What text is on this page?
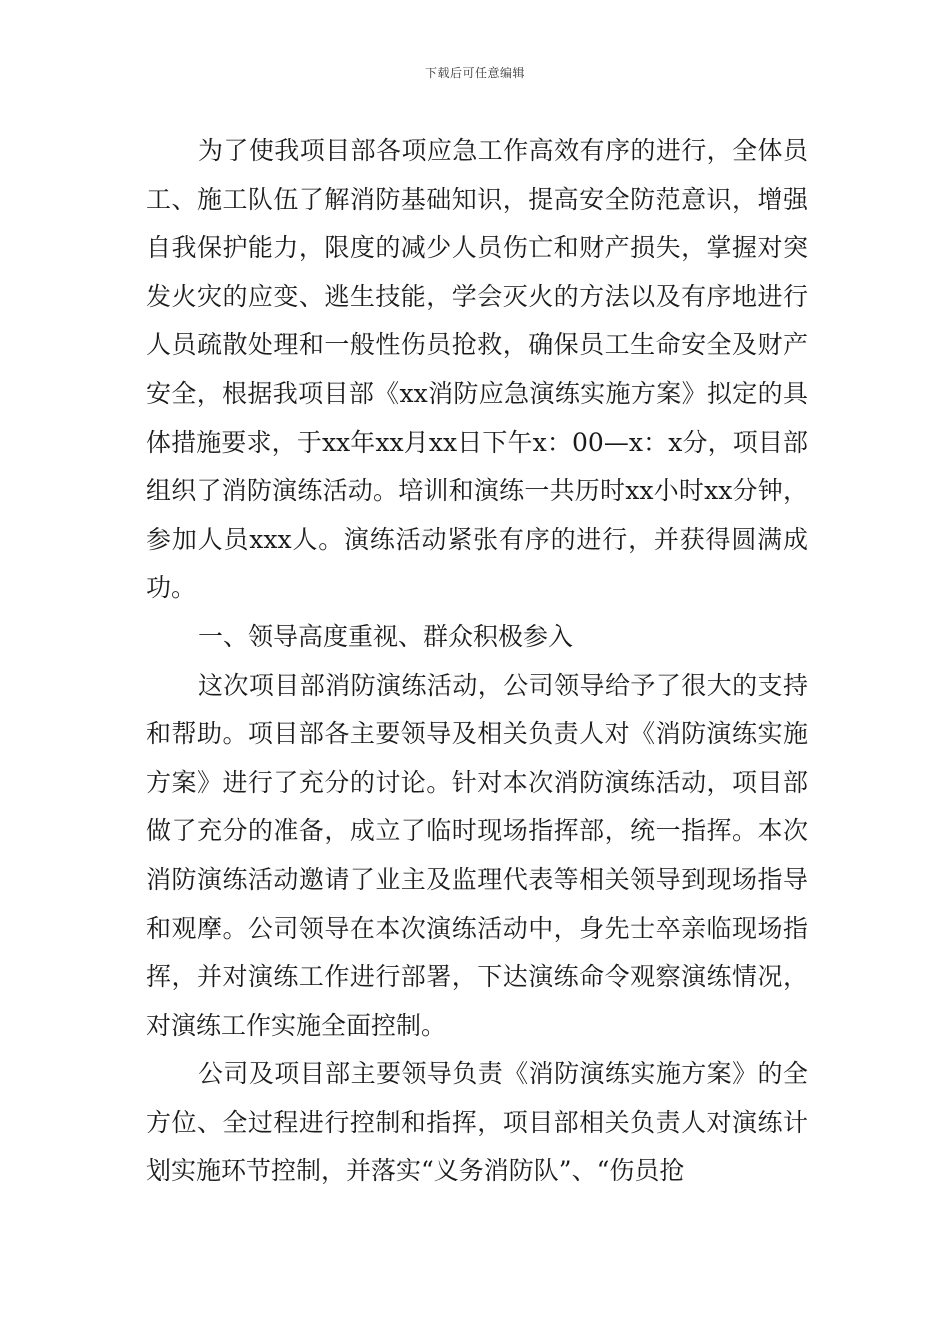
下载后可任意编辑

为了使我项目部各项应急工作高效有序的进行，全体员工、施工队伍了解消防基础知识，提高安全防范意识，增强自我保护能力，限度的减少人员伤亡和财产损失，掌握对突发火灾的应变、逃生技能，学会灭火的方法以及有序地进行人员疏散处理和一般性伤员抢救，确保员工生命安全及财产安全，根据我项目部《xx消防应急演练实施方案》拟定的具体措施要求，于xx年xx月xx日下午x：00—x：x分，项目部组织了消防演练活动。培训和演练一共历时xx小时xx分钟，参加人员xxx人。演练活动紧张有序的进行，并获得圆满成功。

一、领导高度重视、群众积极参入

这次项目部消防演练活动，公司领导给予了很大的支持和帮助。项目部各主要领导及相关负责人对《消防演练实施方案》进行了充分的讨论。针对本次消防演练活动，项目部做了充分的准备，成立了临时现场指挥部，统一指挥。本次消防演练活动邀请了业主及监理代表等相关领导到现场指导和观摩。公司领导在本次演练活动中，身先士卒亲临现场指挥，并对演练工作进行部署，下达演练命令观察演练情况，对演练工作实施全面控制。

公司及项目部主要领导负责《消防演练实施方案》的全方位、全过程进行控制和指挥，项目部相关负责人对演练计划实施环节控制，并落实“义务消防队”、“伤员抢
